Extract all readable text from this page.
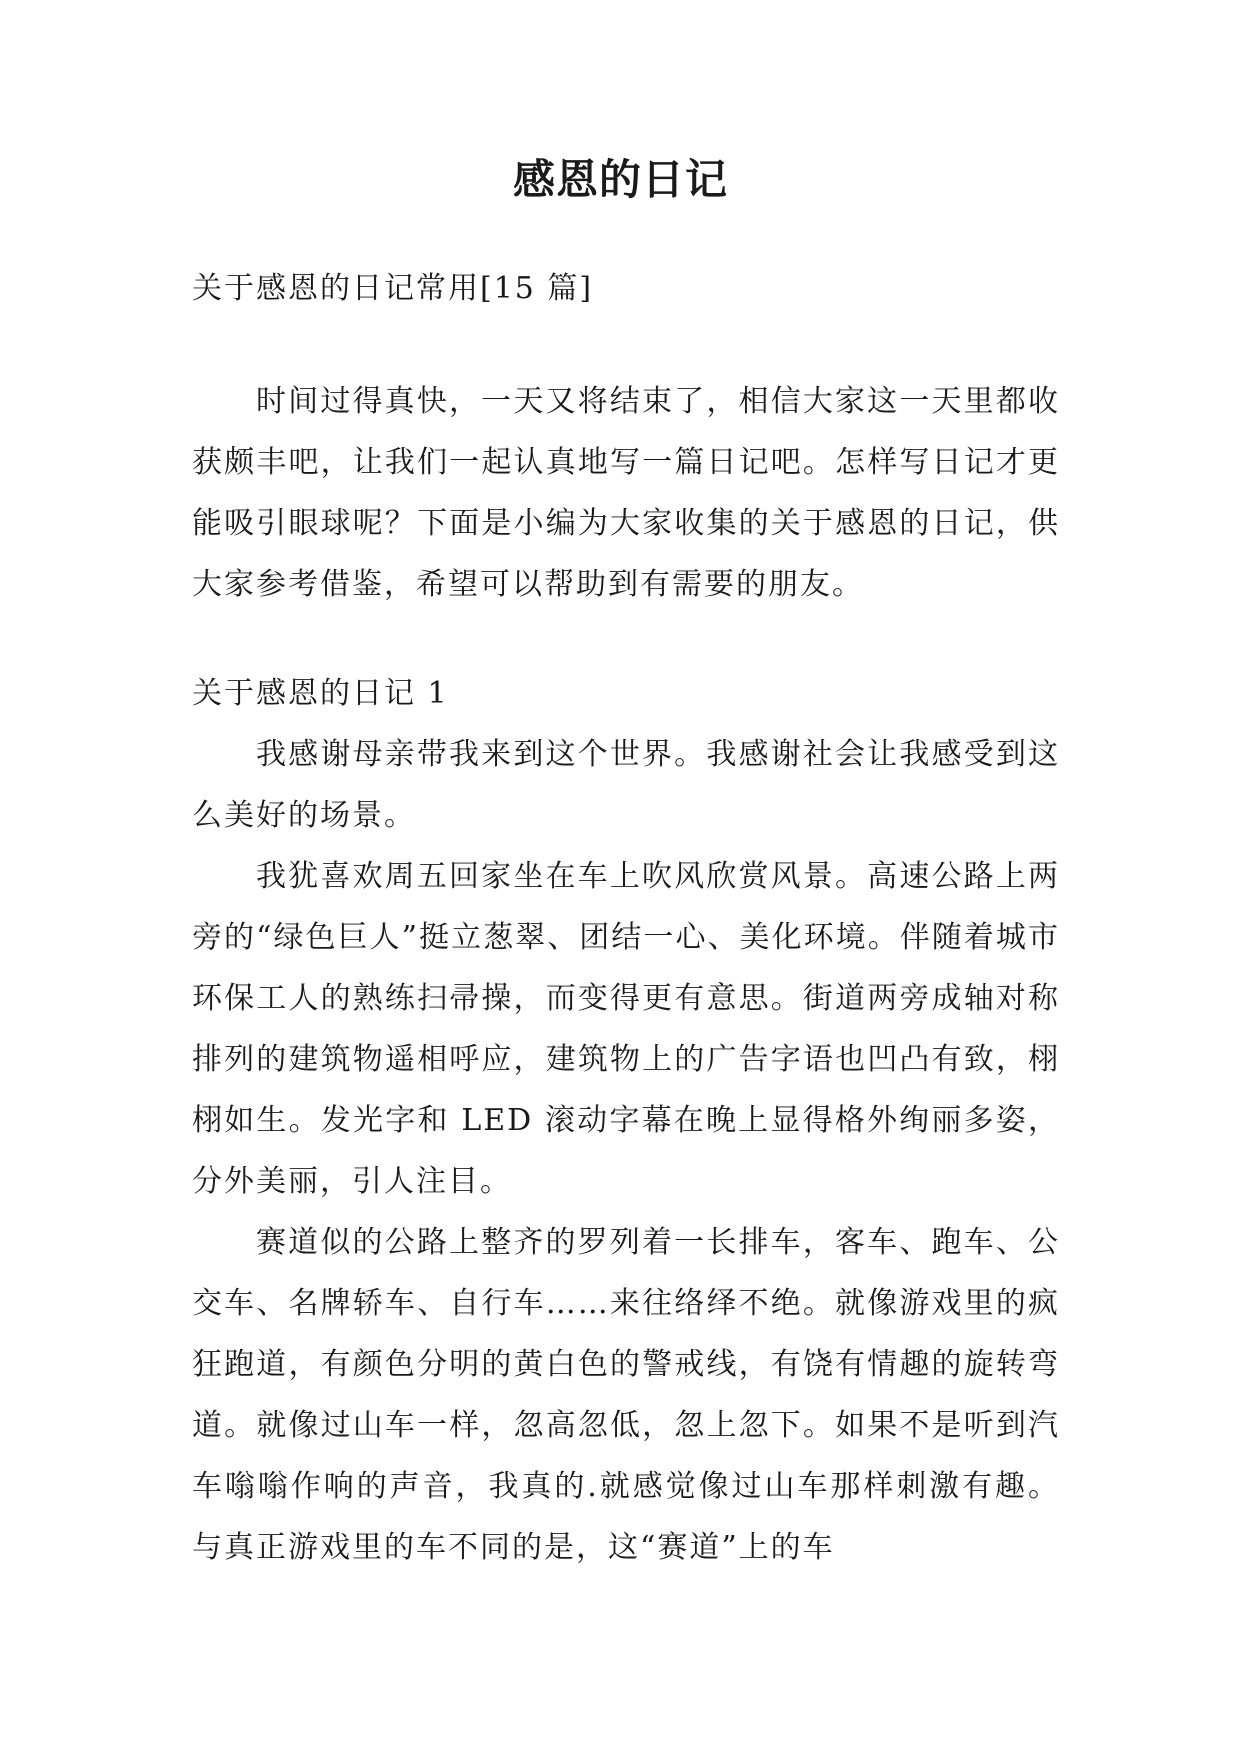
感恩的日记

关于感恩的日记常用[15 篇]

时间过得真快，一天又将结束了，相信大家这一天里都收获颇丰吧，让我们一起认真地写一篇日记吧。怎样写日记才更能吸引眼球呢？下面是小编为大家收集的关于感恩的日记，供大家参考借鉴，希望可以帮助到有需要的朋友。

关于感恩的日记 1

我感谢母亲带我来到这个世界。我感谢社会让我感受到这么美好的场景。

我犹喜欢周五回家坐在车上吹风欣赏风景。高速公路上两旁的“绿色巨人”挺立葱翠、团结一心、美化环境。伴随着城市环保工人的熟练扫帚操，而变得更有意思。街道两旁成轴对称排列的建筑物遥相呼应，建筑物上的广告字语也凹凸有致，栩栩如生。发光字和 LED 滚动字幕在晚上显得格外绚丽多姿，分外美丽，引人注目。

赛道似的公路上整齐的罗列着一长排车，客车、跑车、公交车、名牌轿车、自行车……来往络绎不绝。就像游戏里的疯狂跑道，有颜色分明的黄白色的警戒线，有饶有情趣的旋转弯道。就像过山车一样，忽高忽低，忽上忽下。如果不是听到汽车嗡嗡作响的声音，我真的.就感觉像过山车那样刺激有趣。与真正游戏里的车不同的是，这“赛道”上的车
